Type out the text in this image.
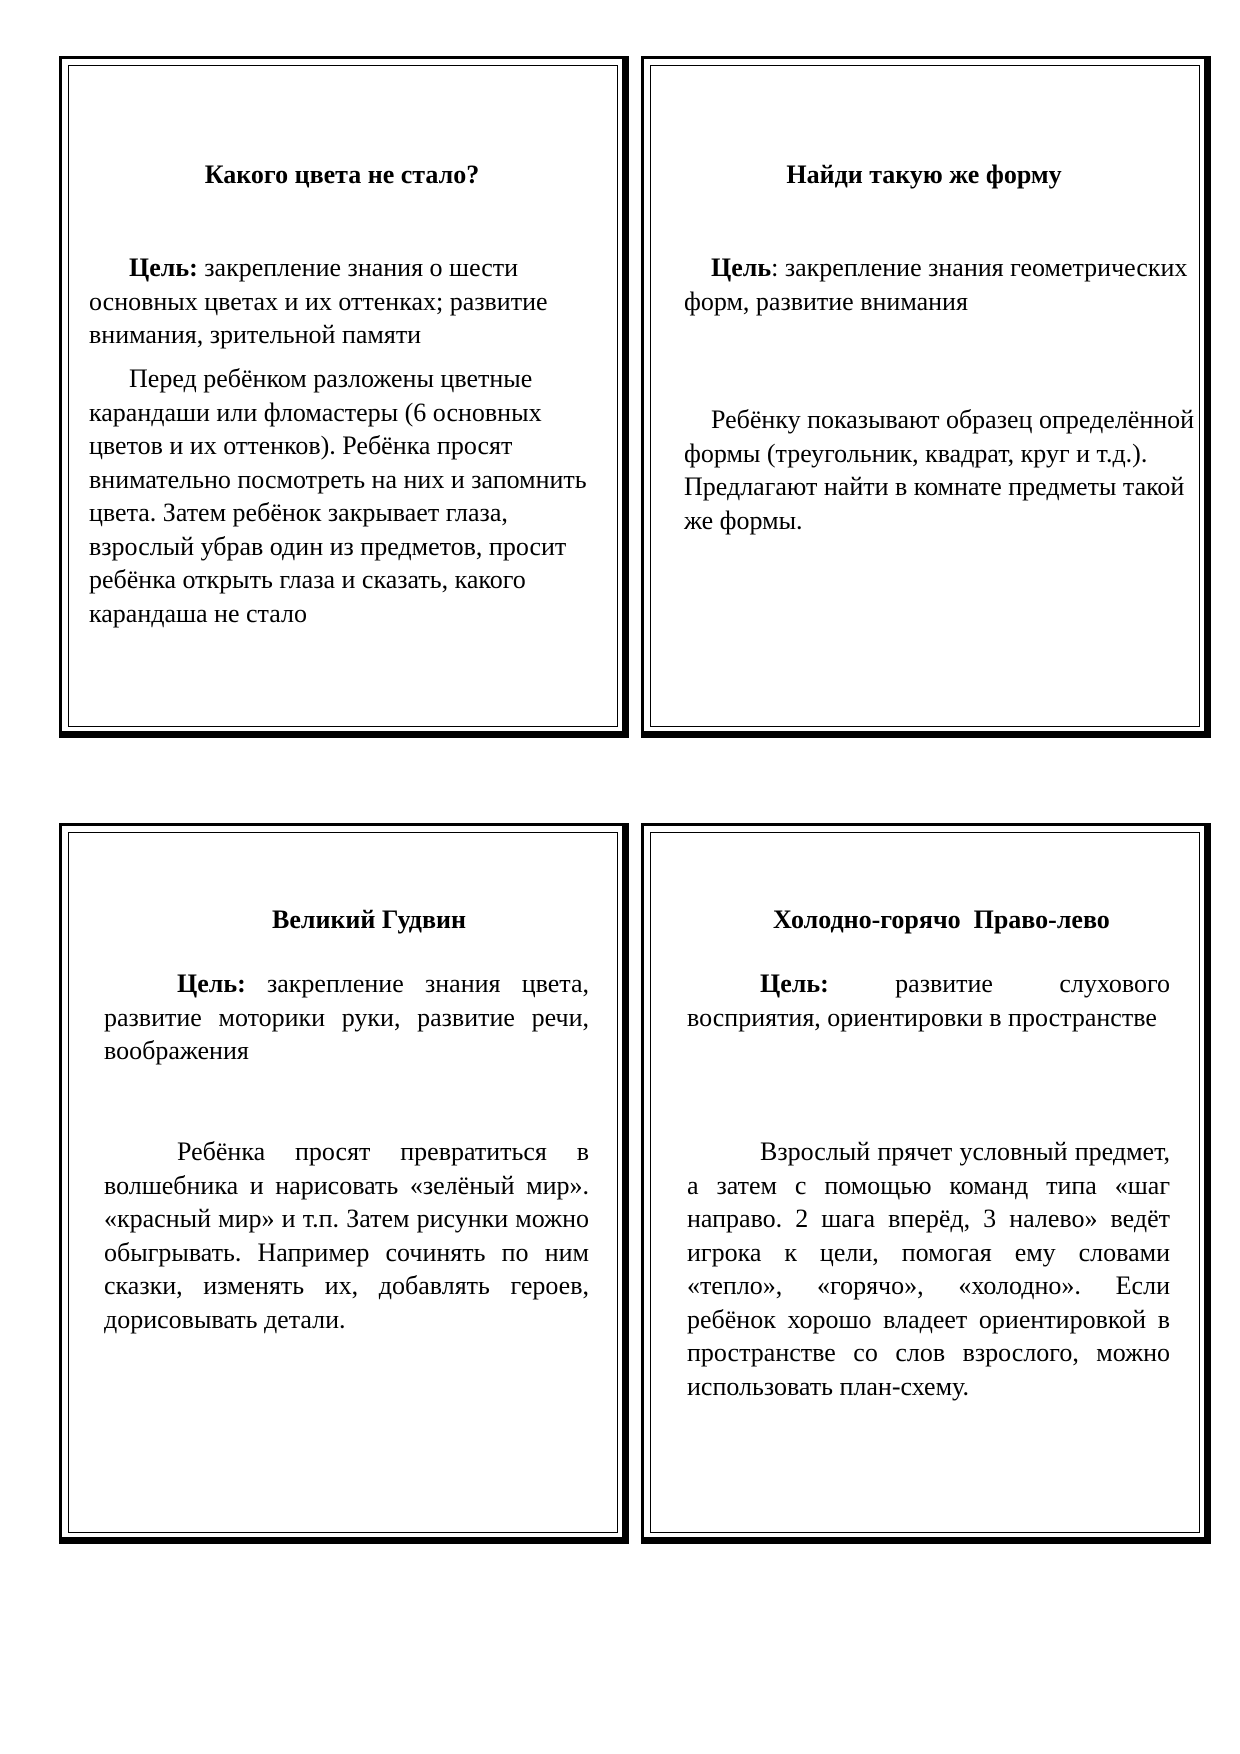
Какого цвета не стало?

Цель: закрепление знания о шести основных цветах и их оттенках; развитие внимания, зрительной памяти

Перед ребёнком разложены цветные карандаши или фломастеры (6 основных цветов и их оттенков). Ребёнка просят внимательно посмотреть на них и запомнить цвета. Затем ребёнок закрывает глаза, взрослый убрав один из предметов, просит ребёнка открыть глаза и сказать, какого карандаша не стало

Найди такую же форму

Цель: закрепление знания геометрических форм, развитие внимания

Ребёнку показывают образец определённой формы (треугольник, квадрат, круг и т.д.). Предлагают найти в комнате предметы такой же формы.

Великий Гудвин

Цель: закрепление знания цвета, развитие моторики руки, развитие речи, воображения

Ребёнка просят превратиться в волшебника и нарисовать «зелёный мир». «красный мир» и т.п. Затем рисунки можно обыгрывать. Например сочинять по ним сказки, изменять их, добавлять героев, дорисовывать детали.

Холодно-горячо  Право-лево

Цель: развитие слухового восприятия, ориентировки в пространстве

Взрослый прячет условный предмет, а затем с помощью команд типа «шаг направо. 2 шага вперёд, 3 налево» ведёт игрока к цели, помогая ему словами «тепло», «горячо», «холодно». Если ребёнок хорошо владеет ориентировкой в пространстве со слов взрослого, можно использовать план-схему.
